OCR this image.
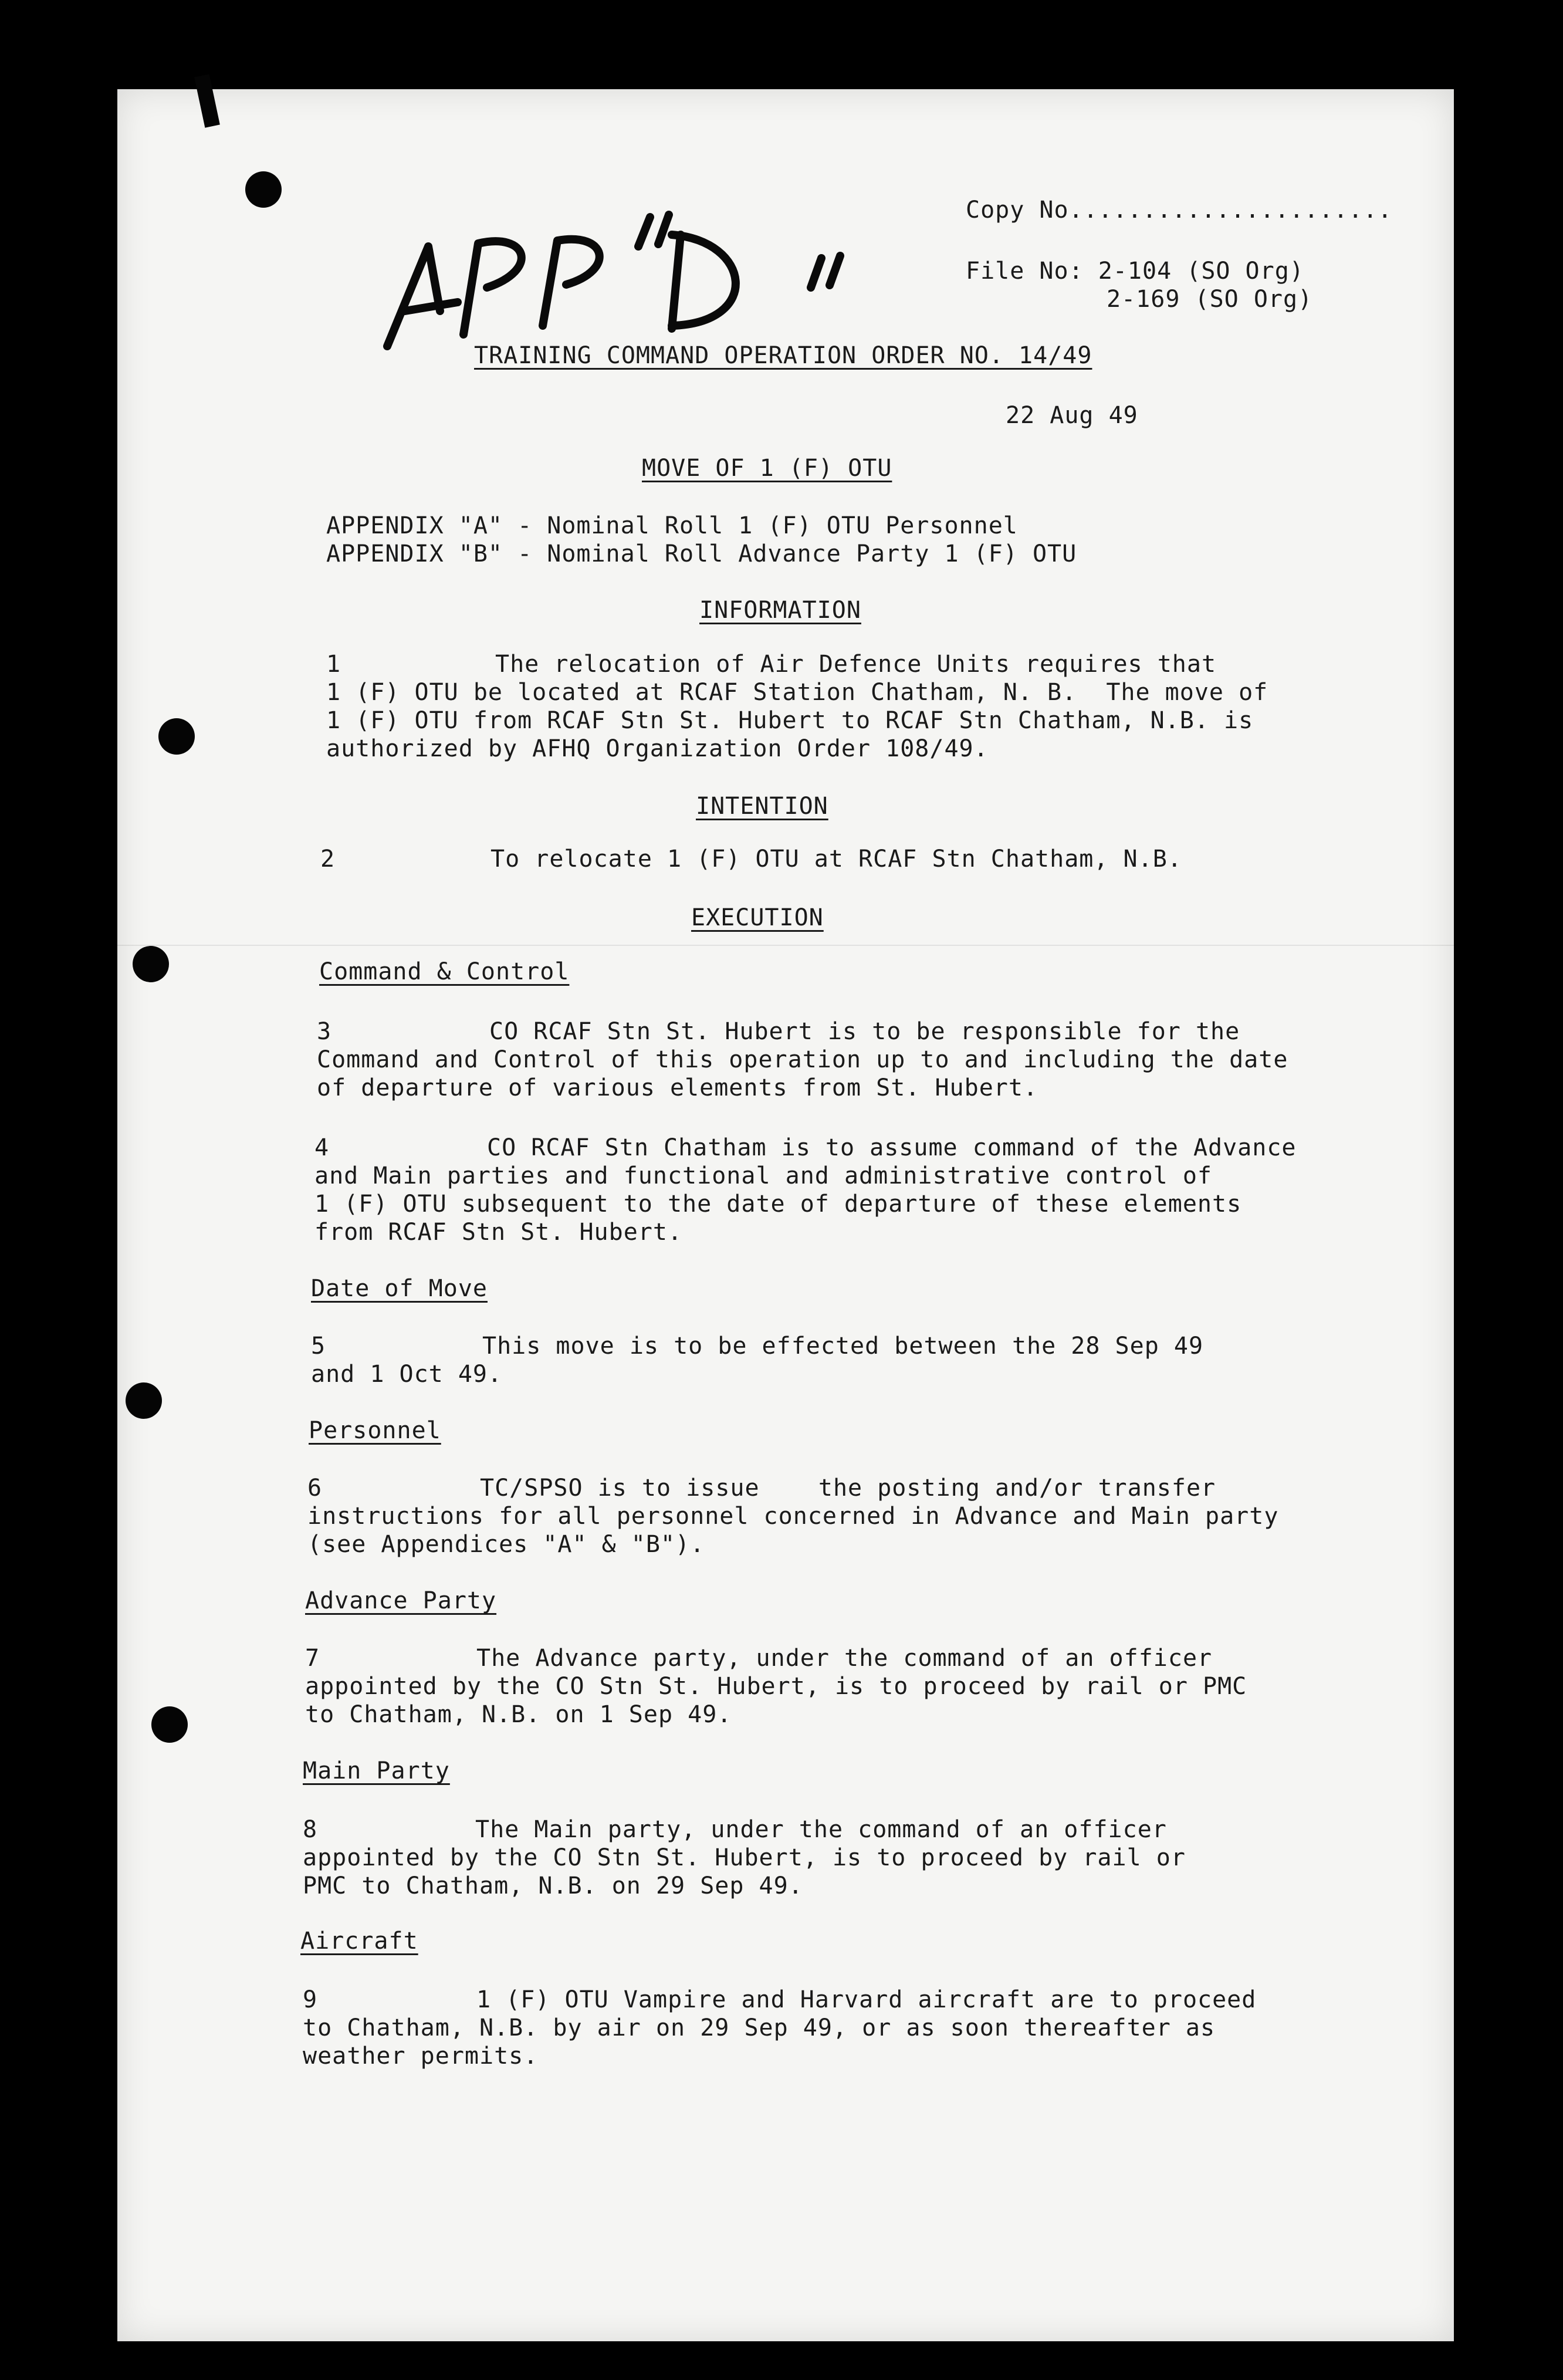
Copy No......................
File No: 2-104 (SO Org)
2-169 (SO Org)
TRAINING COMMAND OPERATION ORDER NO. 14/49
22 Aug 49
MOVE OF 1 (F) OTU
APPENDIX "A" - Nominal Roll 1 (F) OTU Personnel
APPENDIX "B" - Nominal Roll Advance Party 1 (F) OTU
INFORMATION
1	The relocation of Air Defence Units requires that
1 (F) OTU be located at RCAF Station Chatham, N. B.  The move of
1 (F) OTU from RCAF Stn St. Hubert to RCAF Stn Chatham, N.B. is
authorized by AFHQ Organization Order 108/49.
INTENTION
2	To relocate 1 (F) OTU at RCAF Stn Chatham, N.B.
EXECUTION
Command & Control
3	CO RCAF Stn St. Hubert is to be responsible for the
Command and Control of this operation up to and including the date
of departure of various elements from St. Hubert.
4	CO RCAF Stn Chatham is to assume command of the Advance
and Main parties and functional and administrative control of
1 (F) OTU subsequent to the date of departure of these elements
from RCAF Stn St. Hubert.
Date of Move
5	This move is to be effected between the 28 Sep 49
and 1 Oct 49.
Personnel
6	TC/SPSO is to issue    the posting and/or transfer
instructions for all personnel concerned in Advance and Main party
(see Appendices "A" & "B").
Advance Party
7	The Advance party, under the command of an officer
appointed by the CO Stn St. Hubert, is to proceed by rail or PMC
to Chatham, N.B. on 1 Sep 49.
Main Party
8	The Main party, under the command of an officer
appointed by the CO Stn St. Hubert, is to proceed by rail or
PMC to Chatham, N.B. on 29 Sep 49.
Aircraft
9	1 (F) OTU Vampire and Harvard aircraft are to proceed
to Chatham, N.B. by air on 29 Sep 49, or as soon thereafter as
weather permits.
